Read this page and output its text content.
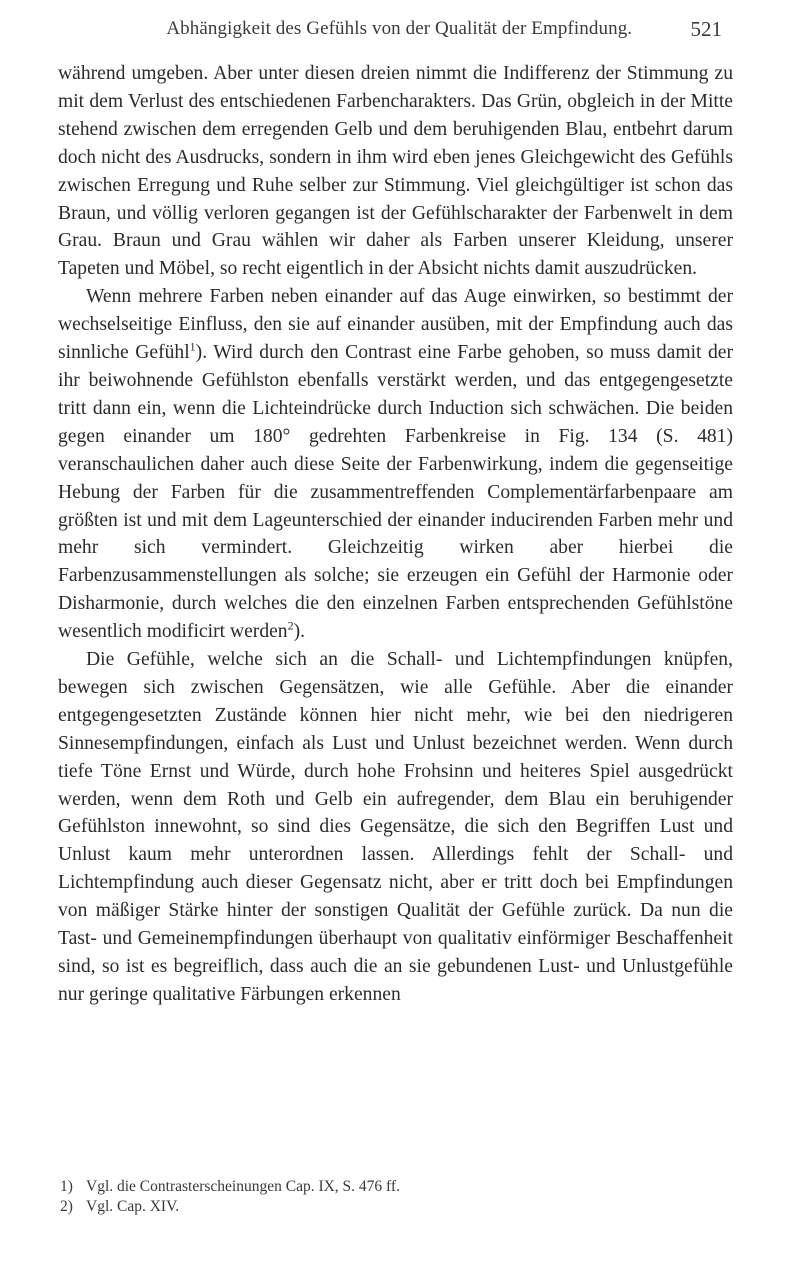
Abhängigkeit des Gefühls von der Qualität der Empfindung.	521

während umgeben. Aber unter diesen dreien nimmt die Indifferenz der Stimmung zu mit dem Verlust des entschiedenen Farbencharakters. Das Grün, obgleich in der Mitte stehend zwischen dem erregenden Gelb und dem beruhigenden Blau, entbehrt darum doch nicht des Ausdrucks, sondern in ihm wird eben jenes Gleichgewicht des Gefühls zwischen Erregung und Ruhe selber zur Stimmung. Viel gleichgültiger ist schon das Braun, und völlig verloren gegangen ist der Gefühlscharakter der Farbenwelt in dem Grau. Braun und Grau wählen wir daher als Farben unserer Kleidung, unserer Tapeten und Möbel, so recht eigentlich in der Absicht nichts damit auszudrücken.

Wenn mehrere Farben neben einander auf das Auge einwirken, so bestimmt der wechselseitige Einfluss, den sie auf einander ausüben, mit der Empfindung auch das sinnliche Gefühl$^1$). Wird durch den Contrast eine Farbe gehoben, so muss damit der ihr beiwohnende Gefühlston ebenfalls verstärkt werden, und das entgegengesetzte tritt dann ein, wenn die Lichteindrücke durch Induction sich schwächen. Die beiden gegen einander um 180° gedrehten Farbenkreise in Fig. 134 (S. 481) veranschaulichen daher auch diese Seite der Farbenwirkung, indem die gegenseitige Hebung der Farben für die zusammentreffenden Complementärfarbenpaare am größten ist und mit dem Lageunterschied der einander inducirenden Farben mehr und mehr sich vermindert. Gleichzeitig wirken aber hierbei die Farbenzusammenstellungen als solche; sie erzeugen ein Gefühl der Harmonie oder Disharmonie, durch welches die den einzelnen Farben entsprechenden Gefühlstöne wesentlich modificirt werden$^2$).

Die Gefühle, welche sich an die Schall- und Lichtempfindungen knüpfen, bewegen sich zwischen Gegensätzen, wie alle Gefühle. Aber die einander entgegengesetzten Zustände können hier nicht mehr, wie bei den niedrigeren Sinnesempfindungen, einfach als Lust und Unlust bezeichnet werden. Wenn durch tiefe Töne Ernst und Würde, durch hohe Frohsinn und heiteres Spiel ausgedrückt werden, wenn dem Roth und Gelb ein aufregender, dem Blau ein beruhigender Gefühlston innewohnt, so sind dies Gegensätze, die sich den Begriffen Lust und Unlust kaum mehr unterordnen lassen. Allerdings fehlt der Schall- und Lichtempfindung auch dieser Gegensatz nicht, aber er tritt doch bei Empfindungen von mäßiger Stärke hinter der sonstigen Qualität der Gefühle zurück. Da nun die Tast- und Gemeinempfindungen überhaupt von qualitativ einförmiger Beschaffenheit sind, so ist es begreiflich, dass auch die an sie gebundenen Lust- und Unlustgefühle nur geringe qualitative Färbungen erkennen

1) Vgl. die Contrasterscheinungen Cap. IX, S. 476 ff.
2) Vgl. Cap. XIV.
